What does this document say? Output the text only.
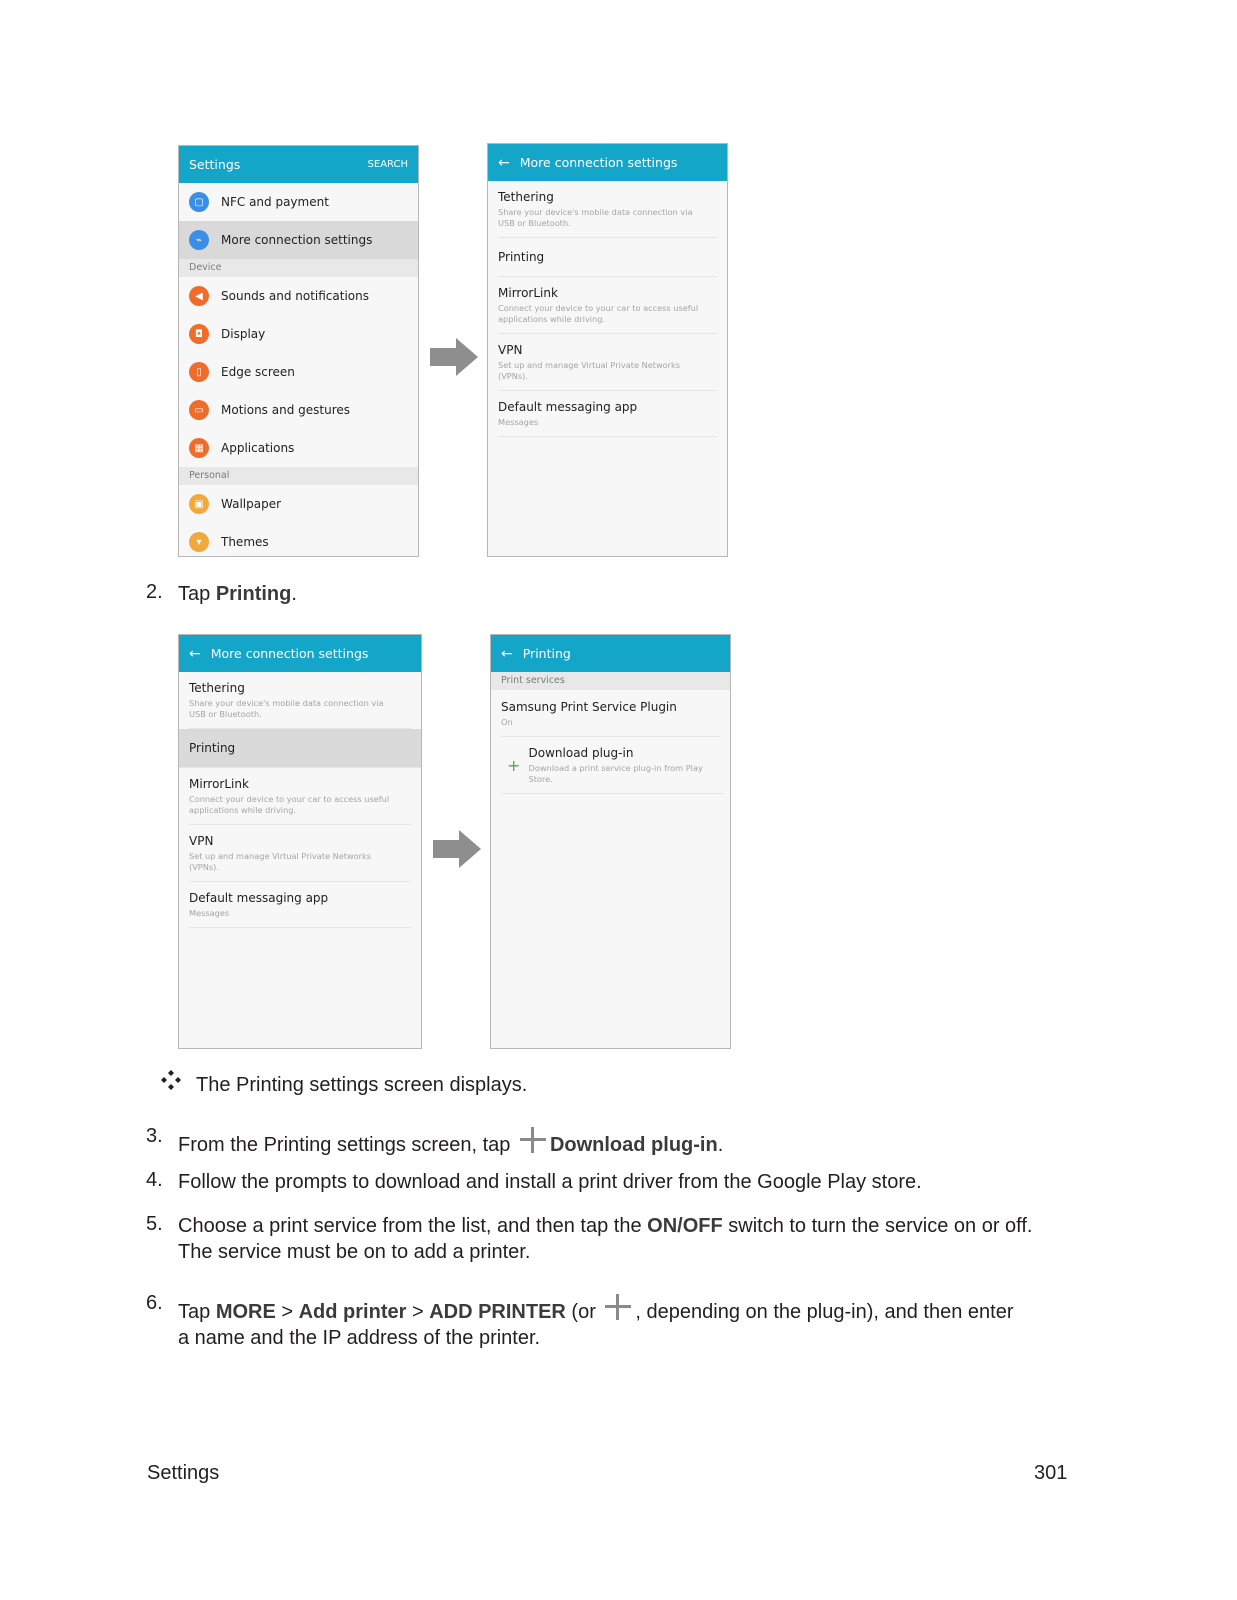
Settings	SEARCH
▢	NFC and payment
⌁	More connection settings
Device
◀	Sounds and notifications
◘	Display
▯	Edge screen
▭	Motions and gestures
▦	Applications
Personal
▣	Wallpaper
▾	Themes
← More connection settings
Tethering
Share your device's mobile data connection via USB or Bluetooth.
Printing
MirrorLink
Connect your device to your car to access useful applications while driving.
VPN
Set up and manage Virtual Private Networks (VPNs).
Default messaging app
Messages
2. Tap Printing.
← More connection settings
Tethering
Share your device's mobile data connection via USB or Bluetooth.
Printing
MirrorLink
Connect your device to your car to access useful applications while driving.
VPN
Set up and manage Virtual Private Networks (VPNs).
Default messaging app
Messages
← Printing
Print services
Samsung Print Service Plugin
On
+
Download plug-in
Download a print service plug-in from Play Store.
The Printing settings screen displays.
3. From the Printing settings screen, tap Download plug-in.
4. Follow the prompts to download and install a print driver from the Google Play store.
5. Choose a print service from the list, and then tap the ON/OFF switch to turn the service on or off.
The service must be on to add a printer.
6. Tap MORE > Add printer > ADD PRINTER (or , depending on the plug-in), and then enter
a name and the IP address of the printer.
Settings	301
